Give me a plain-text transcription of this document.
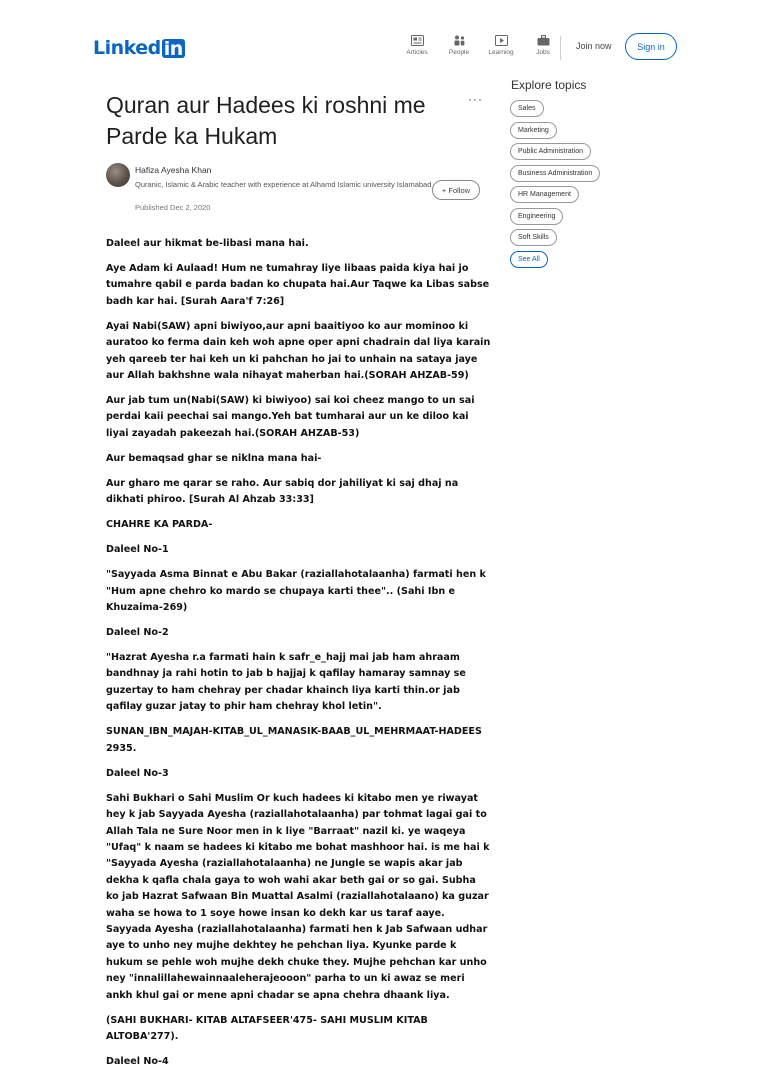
Linked in	Articles	People	Learning	Jobs
Join now	Sign in
Quran aur Hadees ki roshni me Parde ka Hukam
···
Hafiza Ayesha Khan
Quranic, Islamic & Arabic teacher with experience at Alhamd Islamic university Islamabad
Published Dec 2, 2020
+ Follow

Daleel aur hikmat be-libasi mana hai.

Aye Adam ki Aulaad! Hum ne tumahray liye libaas paida kiya hai jo tumahre qabil e parda badan ko chupata hai.Aur Taqwe ka Libas sabse badh kar hai. [Surah Aara'f 7:26]

Ayai Nabi(SAW) apni biwiyoo,aur apni baaitiyoo ko aur mominoo ki auratoo ko ferma dain keh woh apne oper apni chadrain dal liya karain yeh qareeb ter hai keh un ki pahchan ho jai to unhain na sataya jaye aur Allah bakhshne wala nihayat maherban hai.(SORAH AHZAB-59)

Aur jab tum un(Nabi(SAW) ki biwiyoo) sai koi cheez mango to un sai perdai kaii peechai sai mango.Yeh bat tumharai aur un ke diloo kai liyai zayadah pakeezah hai.(SORAH AHZAB-53)

Aur bemaqsad ghar se niklna mana hai-

Aur gharo me qarar se raho. Aur sabiq dor jahiliyat ki saj dhaj na dikhati phiroo. [Surah Al Ahzab 33:33]

CHAHRE KA PARDA-

Daleel No-1

"Sayyada Asma Binnat e Abu Bakar (raziallahotalaanha) farmati hen k "Hum apne chehro ko mardo se chupaya karti thee".. (Sahi Ibn e Khuzaima-269)

Daleel No-2

"Hazrat Ayesha r.a farmati hain k safr_e_hajj mai jab ham ahraam bandhnay ja rahi hotin to jab b hajjaj k qafilay hamaray samnay se guzertay to ham chehray per chadar khainch liya karti thin.or jab qafilay guzar jatay to phir ham chehray khol letin".

SUNAN_IBN_MAJAH-KITAB_UL_MANASIK-BAAB_UL_MEHRMAAT-HADEES 2935.

Daleel No-3

Sahi Bukhari o Sahi Muslim Or kuch hadees ki kitabo men ye riwayat hey k jab Sayyada Ayesha (raziallahotalaanha) par tohmat lagai gai to Allah Tala ne Sure Noor men in k liye "Barraat" nazil ki. ye waqeya "Ufaq" k naam se hadees ki kitabo me bohat mashhoor hai. is me hai k "Sayyada Ayesha (raziallahotalaanha) ne Jungle se wapis akar jab dekha k qafla chala gaya to woh wahi akar beth gai or so gai. Subha ko jab Hazrat Safwaan Bin Muattal Asalmi (raziallahotalaano) ka guzar waha se howa to 1 soye howe insan ko dekh kar us taraf aaye. Sayyada Ayesha (raziallahotalaanha) farmati hen k Jab Safwaan udhar aye to unho ney mujhe dekhtey he pehchan liya. Kyunke parde k hukum se pehle woh mujhe dekh chuke they. Mujhe pehchan kar unho ney "innalillahewainnaaleherajeooon" parha to un ki awaz se meri ankh khul gai or mene apni chadar se apna chehra dhaank liya.

(SAHI BUKHARI- KITAB ALTAFSEER'475- SAHI MUSLIM KITAB ALTOBA'277).

Daleel No-4

Explore topics
Sales
Marketing
Public Administration
Business Administration
HR Management
Engineering
Soft Skills
See All
